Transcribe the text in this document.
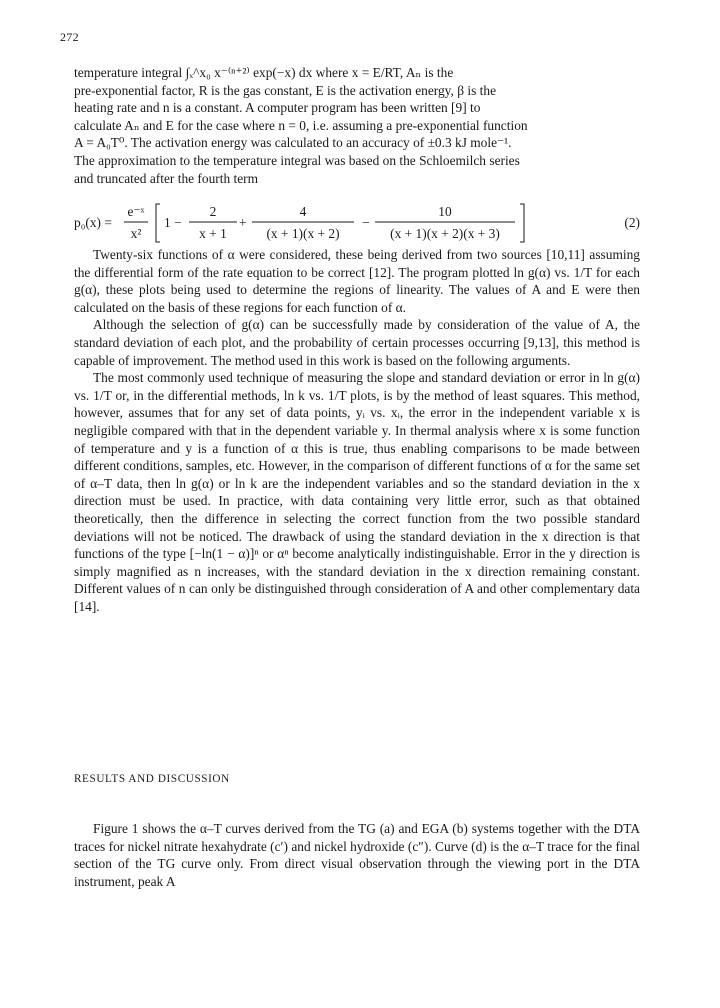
272
temperature integral ∫ₓ^x₀ x⁻⁽ⁿ⁺²⁾ exp(−x) dx where x = E/RT, Aₙ is the
pre-exponential factor, R is the gas constant, E is the activation energy, β is the
heating rate and n is a constant. A computer program has been written [9] to
calculate Aₙ and E for the case where n = 0, i.e. assuming a pre-exponential function
A = A₀T⁰. The activation energy was calculated to an accuracy of ±0.3 kJ mole⁻¹.
The approximation to the temperature integral was based on the Schloemilch series
and truncated after the fourth term
p₀(x) =
e⁻ˣ
x²
1 −
2
x + 1
+
4
(x + 1)(x + 2)
−
10
(x + 1)(x + 2)(x + 3)
(2)

Twenty-six functions of α were considered, these being derived from two sources [10,11] assuming the differential form of the rate equation to be correct [12]. The program plotted ln g(α) vs. 1/T for each g(α), these plots being used to determine the regions of linearity. The values of A and E were then calculated on the basis of these regions for each function of α.

Although the selection of g(α) can be successfully made by consideration of the value of A, the standard deviation of each plot, and the probability of certain processes occurring [9,13], this method is capable of improvement. The method used in this work is based on the following arguments.

The most commonly used technique of measuring the slope and standard deviation or error in ln g(α) vs. 1/T or, in the differential methods, ln k vs. 1/T plots, is by the method of least squares. This method, however, assumes that for any set of data points, yᵢ vs. xᵢ, the error in the independent variable x is negligible compared with that in the dependent variable y. In thermal analysis where x is some function of temperature and y is a function of α this is true, thus enabling comparisons to be made between different conditions, samples, etc. However, in the comparison of different functions of α for the same set of α–T data, then ln g(α) or ln k are the independent variables and so the standard deviation in the x direction must be used. In practice, with data containing very little error, such as that obtained theoretically, then the difference in selecting the correct function from the two possible standard deviations will not be noticed. The drawback of using the standard deviation in the x direction is that functions of the type [−ln(1 − α)]ⁿ or αⁿ become analytically indistinguishable. Error in the y direction is simply magnified as n increases, with the standard deviation in the x direction remaining constant. Different values of n can only be distinguished through consideration of A and other complementary data [14].

RESULTS AND DISCUSSION

Figure 1 shows the α–T curves derived from the TG (a) and EGA (b) systems together with the DTA traces for nickel nitrate hexahydrate (c′) and nickel hydroxide (c″). Curve (d) is the α–T trace for the final section of the TG curve only. From direct visual observation through the viewing port in the DTA instrument, peak A
